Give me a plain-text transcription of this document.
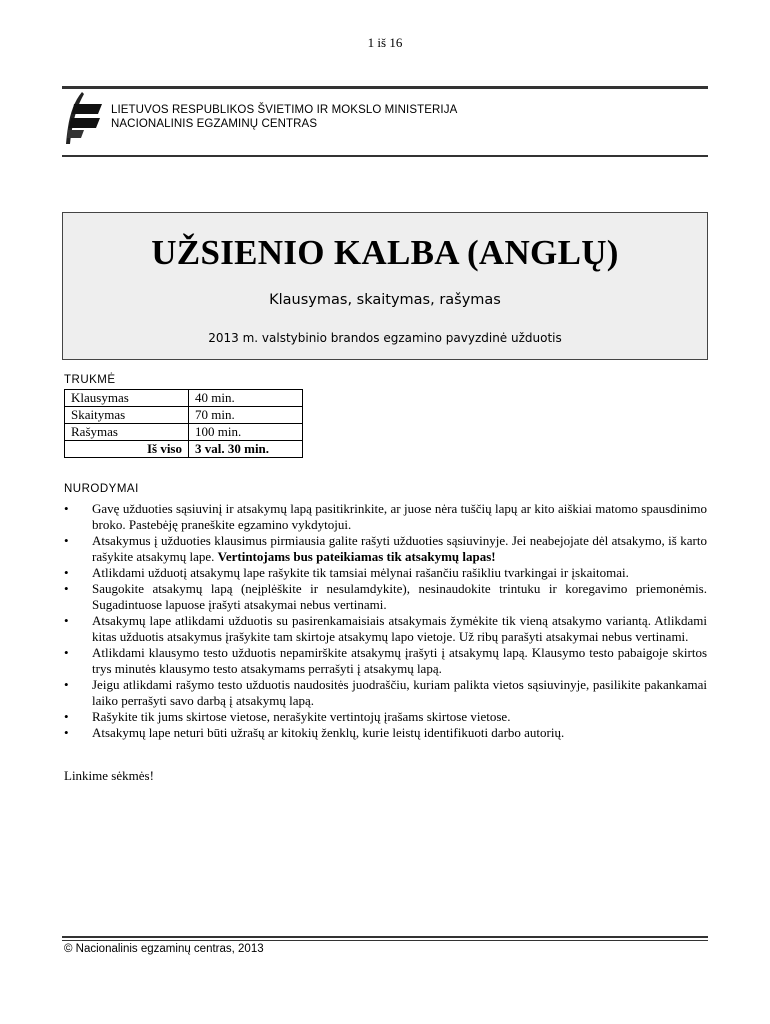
1 iš 16
LIETUVOS RESPUBLIKOS ŠVIETIMO IR MOKSLO MINISTERIJA
NACIONALINIS EGZAMINŲ CENTRAS
UŽSIENIO KALBA (ANGLŲ)
Klausymas, skaitymas, rašymas
2013 m. valstybinio brandos egzamino pavyzdinė užduotis
TRUKMĖ
Klausymas	40 min.
Skaitymas	70 min.
Rašymas	100 min.
Iš viso	3 val. 30 min.
NURODYMAI
• Gavę užduoties sąsiuvinį ir atsakymų lapą pasitikrinkite, ar juose nėra tuščių lapų ar kito aiškiai matomo spausdinimo broko. Pastebėję praneškite egzamino vykdytojui.
• Atsakymus į užduoties klausimus pirmiausia galite rašyti užduoties sąsiuvinyje. Jei neabejojate dėl atsakymo, iš karto rašykite atsakymų lape. Vertintojams bus pateikiamas tik atsakymų lapas!
• Atlikdami užduotį atsakymų lape rašykite tik tamsiai mėlynai rašančiu rašikliu tvarkingai ir įskaitomai.
• Saugokite atsakymų lapą (neįplėškite ir nesulamdykite), nesinaudokite trintuku ir koregavimo priemonėmis. Sugadintuose lapuose įrašyti atsakymai nebus vertinami.
• Atsakymų lape atlikdami užduotis su pasirenkamaisiais atsakymais žymėkite tik vieną atsakymo variantą. Atlikdami kitas užduotis atsakymus įrašykite tam skirtoje atsakymų lapo vietoje. Už ribų parašyti atsakymai nebus vertinami.
• Atlikdami klausymo testo užduotis nepamirškite atsakymų įrašyti į atsakymų lapą. Klausymo testo pabaigoje skirtos trys minutės klausymo testo atsakymams perrašyti į atsakymų lapą.
• Jeigu atlikdami rašymo testo užduotis naudositės juodraščiu, kuriam palikta vietos sąsiuvinyje, pasilikite pakankamai laiko perrašyti savo darbą į atsakymų lapą.
• Rašykite tik jums skirtose vietose, nerašykite vertintojų įrašams skirtose vietose.
• Atsakymų lape neturi būti užrašų ar kitokių ženklų, kurie leistų identifikuoti darbo autorių.
Linkime sėkmės!
© Nacionalinis egzaminų centras, 2013
